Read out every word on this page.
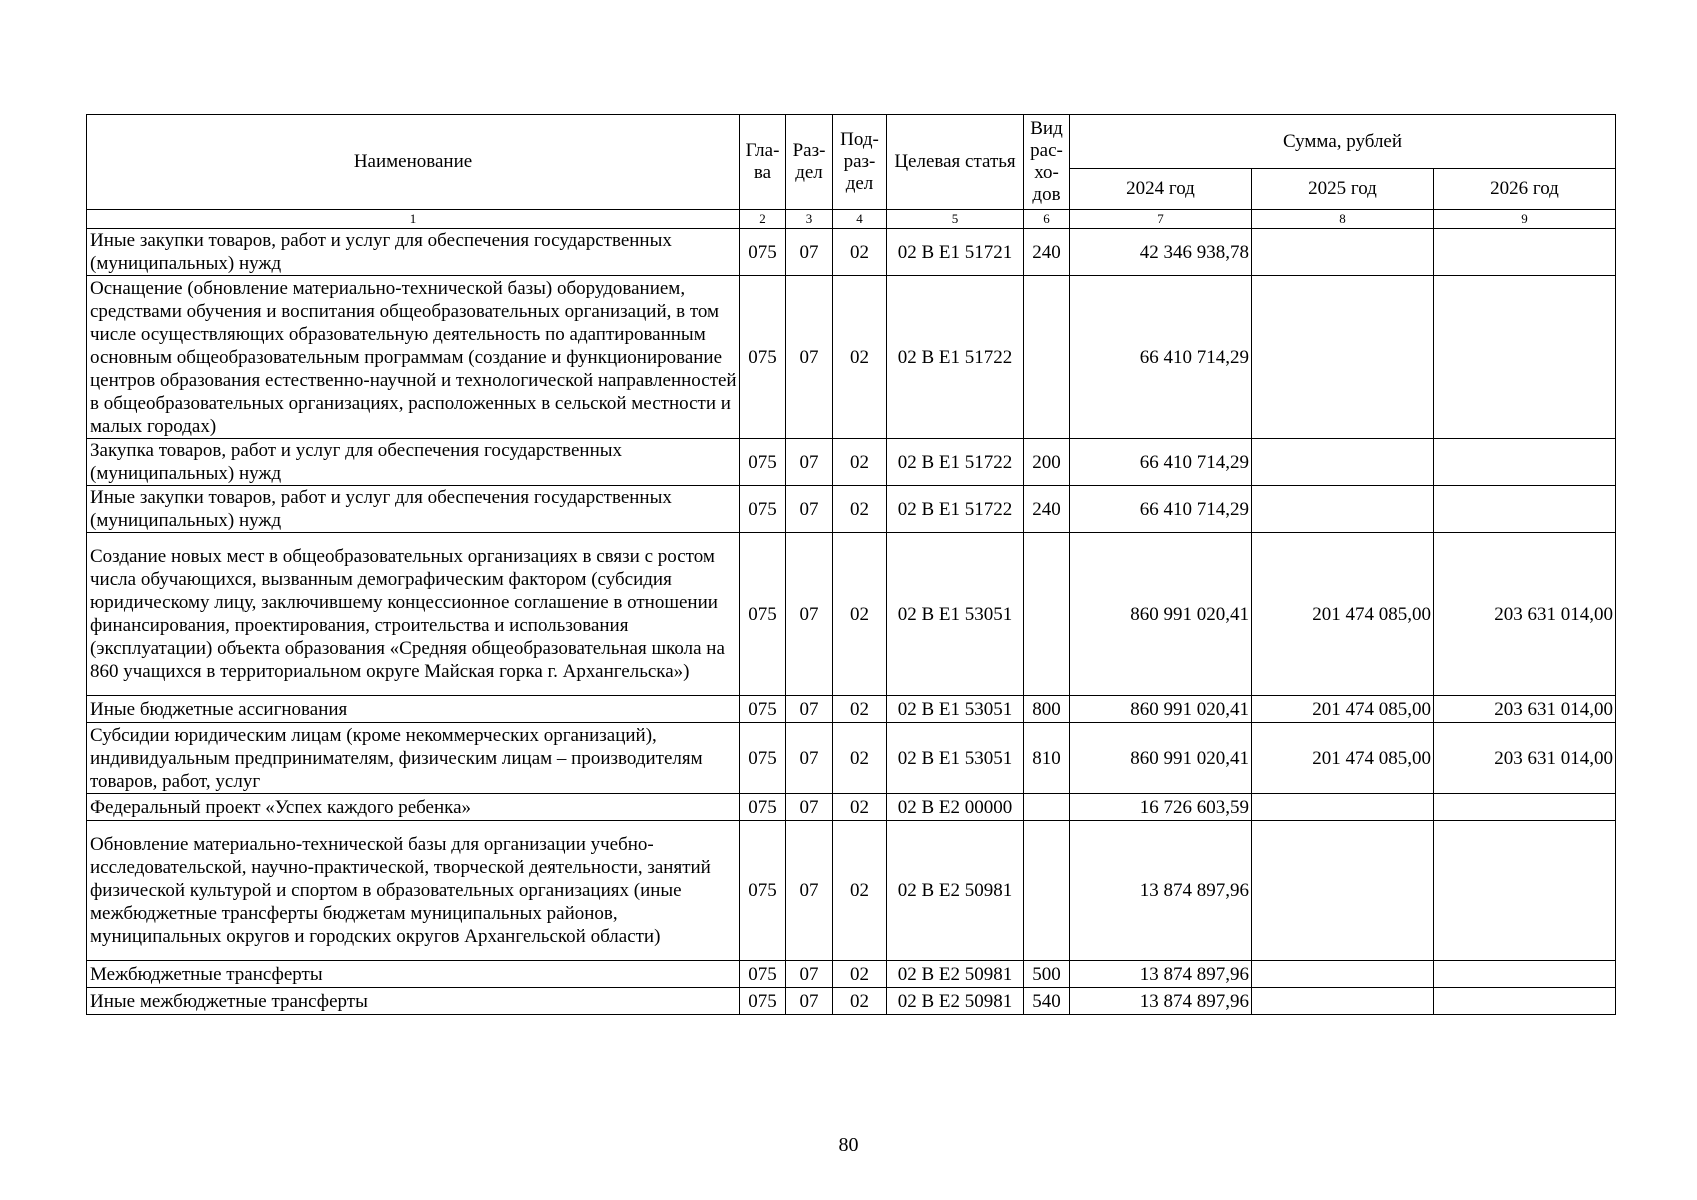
Наименование	Гла-ва	Раз-дел	Под-раз-дел	Целевая статья	Вид рас-хо-дов	Сумма, рублей		
						2024 год	2025 год	2026 год
1	2	3	4	5	6	7	8	9
Иные закупки товаров, работ и услуг для обеспечения государственных (муниципальных) нужд	075	07	02	02 В Е1 51721	240	42 346 938,78		
Оснащение (обновление материально-технической базы) оборудованием, средствами обучения и воспитания общеобразовательных организаций, в том числе осуществляющих образовательную деятельность по адаптированным основным общеобразовательным программам (создание и функционирование центров образования естественно-научной и технологической направленностей в общеобразовательных организациях, расположенных в сельской местности и малых городах)	075	07	02	02 В Е1 51722		66 410 714,29		
Закупка товаров, работ и услуг для обеспечения государственных (муниципальных) нужд	075	07	02	02 В Е1 51722	200	66 410 714,29		
Иные закупки товаров, работ и услуг для обеспечения государственных (муниципальных) нужд	075	07	02	02 В Е1 51722	240	66 410 714,29		
Создание новых мест в общеобразовательных организациях в связи с ростом числа обучающихся, вызванным демографическим фактором (субсидия юридическому лицу, заключившему концессионное соглашение в отношении финансирования, проектирования, строительства и использования (эксплуатации) объекта образования «Средняя общеобразовательная школа на 860 учащихся в территориальном округе Майская горка г. Архангельска»)	075	07	02	02 В Е1 53051		860 991 020,41	201 474 085,00	203 631 014,00
Иные бюджетные ассигнования	075	07	02	02 В Е1 53051	800	860 991 020,41	201 474 085,00	203 631 014,00
Субсидии юридическим лицам (кроме некоммерческих организаций), индивидуальным предпринимателям, физическим лицам – производителям товаров, работ, услуг	075	07	02	02 В Е1 53051	810	860 991 020,41	201 474 085,00	203 631 014,00
Федеральный проект «Успех каждого ребенка»	075	07	02	02 В Е2 00000		16 726 603,59		
Обновление материально-технической базы для организации учебно-исследовательской, научно-практической, творческой деятельности, занятий физической культурой и спортом в образовательных организациях (иные межбюджетные трансферты бюджетам муниципальных районов, муниципальных округов и городских округов Архангельской области)	075	07	02	02 В Е2 50981		13 874 897,96		
Межбюджетные трансферты	075	07	02	02 В Е2 50981	500	13 874 897,96		
Иные межбюджетные трансферты	075	07	02	02 В Е2 50981	540	13 874 897,96		
80
